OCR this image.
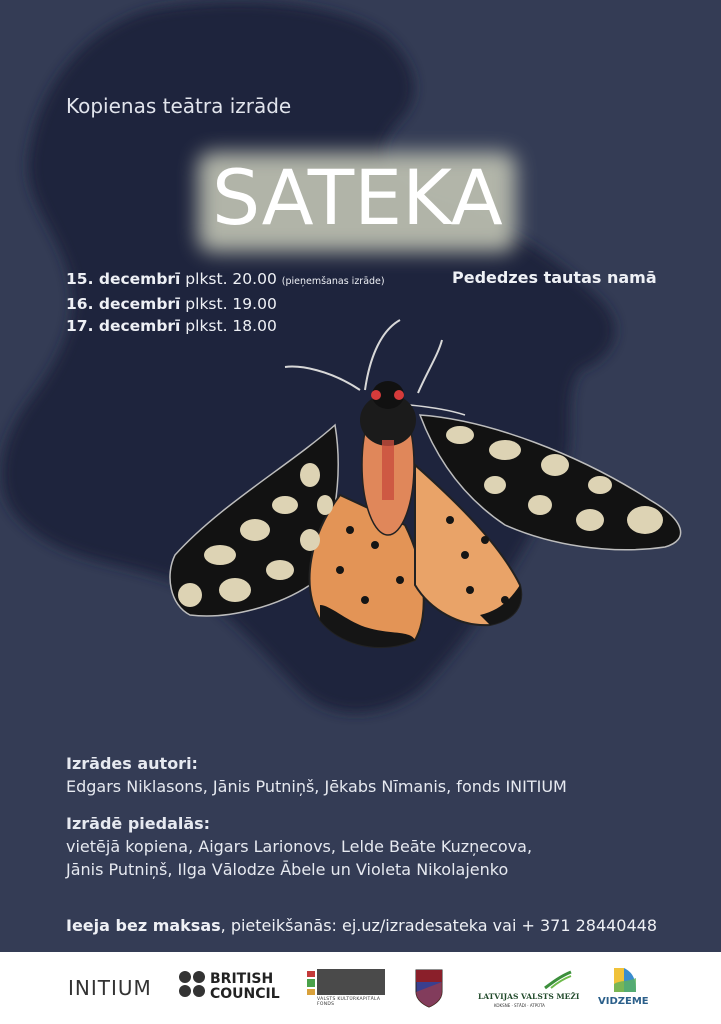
Kopienas teātra izrāde
SATEKA
15. decembrī plkst. 20.00 (pieņemšanas izrāde)
16. decembrī plkst. 19.00
17. decembrī plkst. 18.00
Pededzes tautas namā
Izrādes autori:
Edgars Niklasons, Jānis Putniņš, Jēkabs Nīmanis, fonds INITIUM
Izrādē piedalās:
vietējā kopiena, Aigars Larionovs, Lelde Beāte Kuzņecova,
Jānis Putniņš, Ilga Vālodze Ābele un Violeta Nikolajenko
Ieeja bez maksas, pieteikšanās: ej.uz/izradesateka vai + 371 28440448
INITIUM	BRITISH
COUNCIL	VALSTS KULTŪRKAPITĀLA FONDS
LATVIJAS VALSTS MEŽI
KOKSNE · STĀDI · ATPŪTA	VIDZEME
